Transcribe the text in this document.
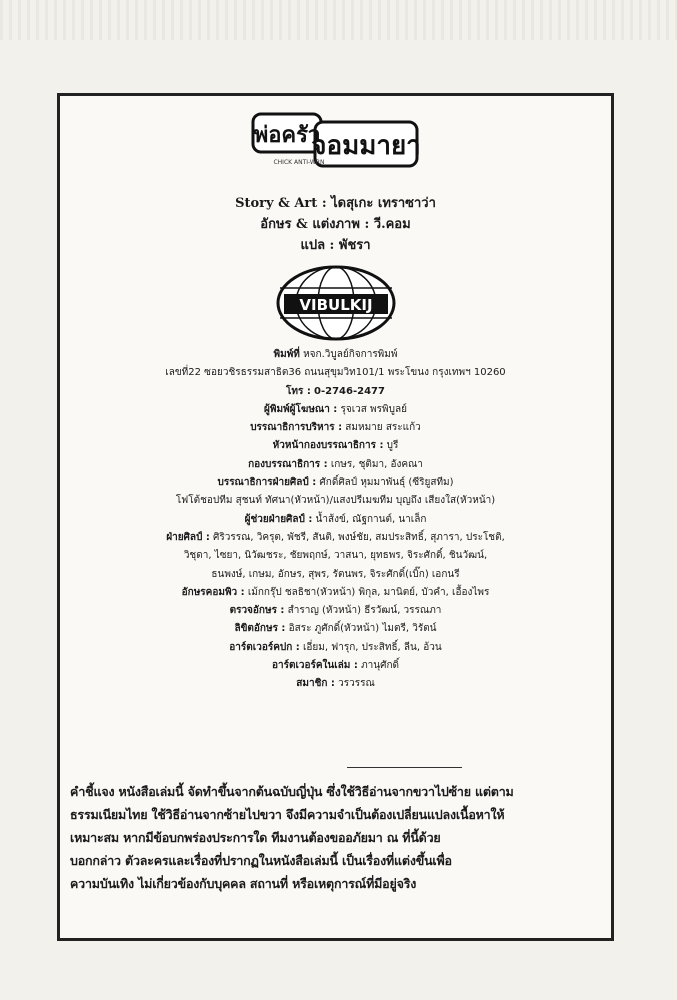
พ่อครัว
จอมมายา
CHICK ANTI-WRN

Story & Art : ไดสุเกะ เทราซาว่า

อักษร & แต่งภาพ : วี.คอม

แปล : พัชรา

VIBULKIJ

พิมพ์ที่ หจก.วิบูลย์กิจการพิมพ์

เลขที่22 ซอยวชิรธรรมสาธิต36 ถนนสุขุมวิท101/1 พระโขนง กรุงเทพฯ 10260

โทร : 0-2746-2477

ผู้พิมพ์ผู้โฆษณา : รุจเวส พรพิบูลย์

บรรณาธิการบริหาร : สมหมาย สระแก้ว

หัวหน้ากองบรรณาธิการ : บูรี

กองบรรณาธิการ : เกษร, ชุติมา, อังคณา

บรรณาธิการฝ่ายศิลป์ : ศักดิ์ศิลป์ หุมมาพันธุ์ (ซีริยูสทีม)

โฟโต้ชอปทีม สุชนท์ ทัศนา(หัวหน้า)/แสงปรีเมฆทีม บุญถึง เสียงใส(หัวหน้า)

ผู้ช่วยฝ่ายศิลป์ : น้ำส้งข์, ณัฐกานต์, นาเล็ก

ฝ่ายศิลป์ : ศิริวรรณ, วิครุต, พัชรี, สันติ, พงษ์ชัย, สมประสิทธิ์, สุภารา, ประโชติ,

วิชุดา, ไซยา, นิวัฒชระ, ชัยพฤกษ์, วาสนา, ยุทธพร, จิระศักดิ์, ชินวัฒน์,

ธนพงษ์, เกษม, อักษร, สุพร, รัตนพร, จิระศักดิ์(เบิ๊ก) เอกนรี

อักษรคอมพิว : เม้กกรุ๊ป ชลธิชา(หัวหน้า) พิกุล, มานิตย์, บัวคำ, เอื้องไพร

ตรวจอักษร : สำราญ (หัวหน้า) ธีรวัฒน์, วรรณภา

ลิขิตอักษร : อิสระ ภูศักดิ์(หัวหน้า) ไมตรี, วิรัตน์

อาร์ตเวอร์คปก : เอี่ยม, ฟารุก, ประสิทธิ์, ลีน, อ้วน

อาร์ตเวอร์คในเล่ม : ภานุศักดิ์

สมาชิก : วรวรรณ

คำชี้แจง หนังสือเล่มนี้ จัดทำขึ้นจากต้นฉบับญี่ปุ่น ซึ่งใช้วิธีอ่านจากขวาไปซ้าย แต่ตาม

ธรรมเนียมไทย ใช้วิธีอ่านจากซ้ายไปขวา จึงมีความจำเป็นต้องเปลี่ยนแปลงเนื้อหาให้

เหมาะสม หากมีข้อบกพร่องประการใด ทีมงานต้องขออภัยมา ณ ที่นี้ด้วย

บอกกล่าว ตัวละครและเรื่องที่ปรากฏในหนังสือเล่มนี้ เป็นเรื่องที่แต่งขึ้นเพื่อ

ความบันเทิง ไม่เกี่ยวข้องกับบุคคล สถานที่ หรือเหตุการณ์ที่มีอยู่จริง
